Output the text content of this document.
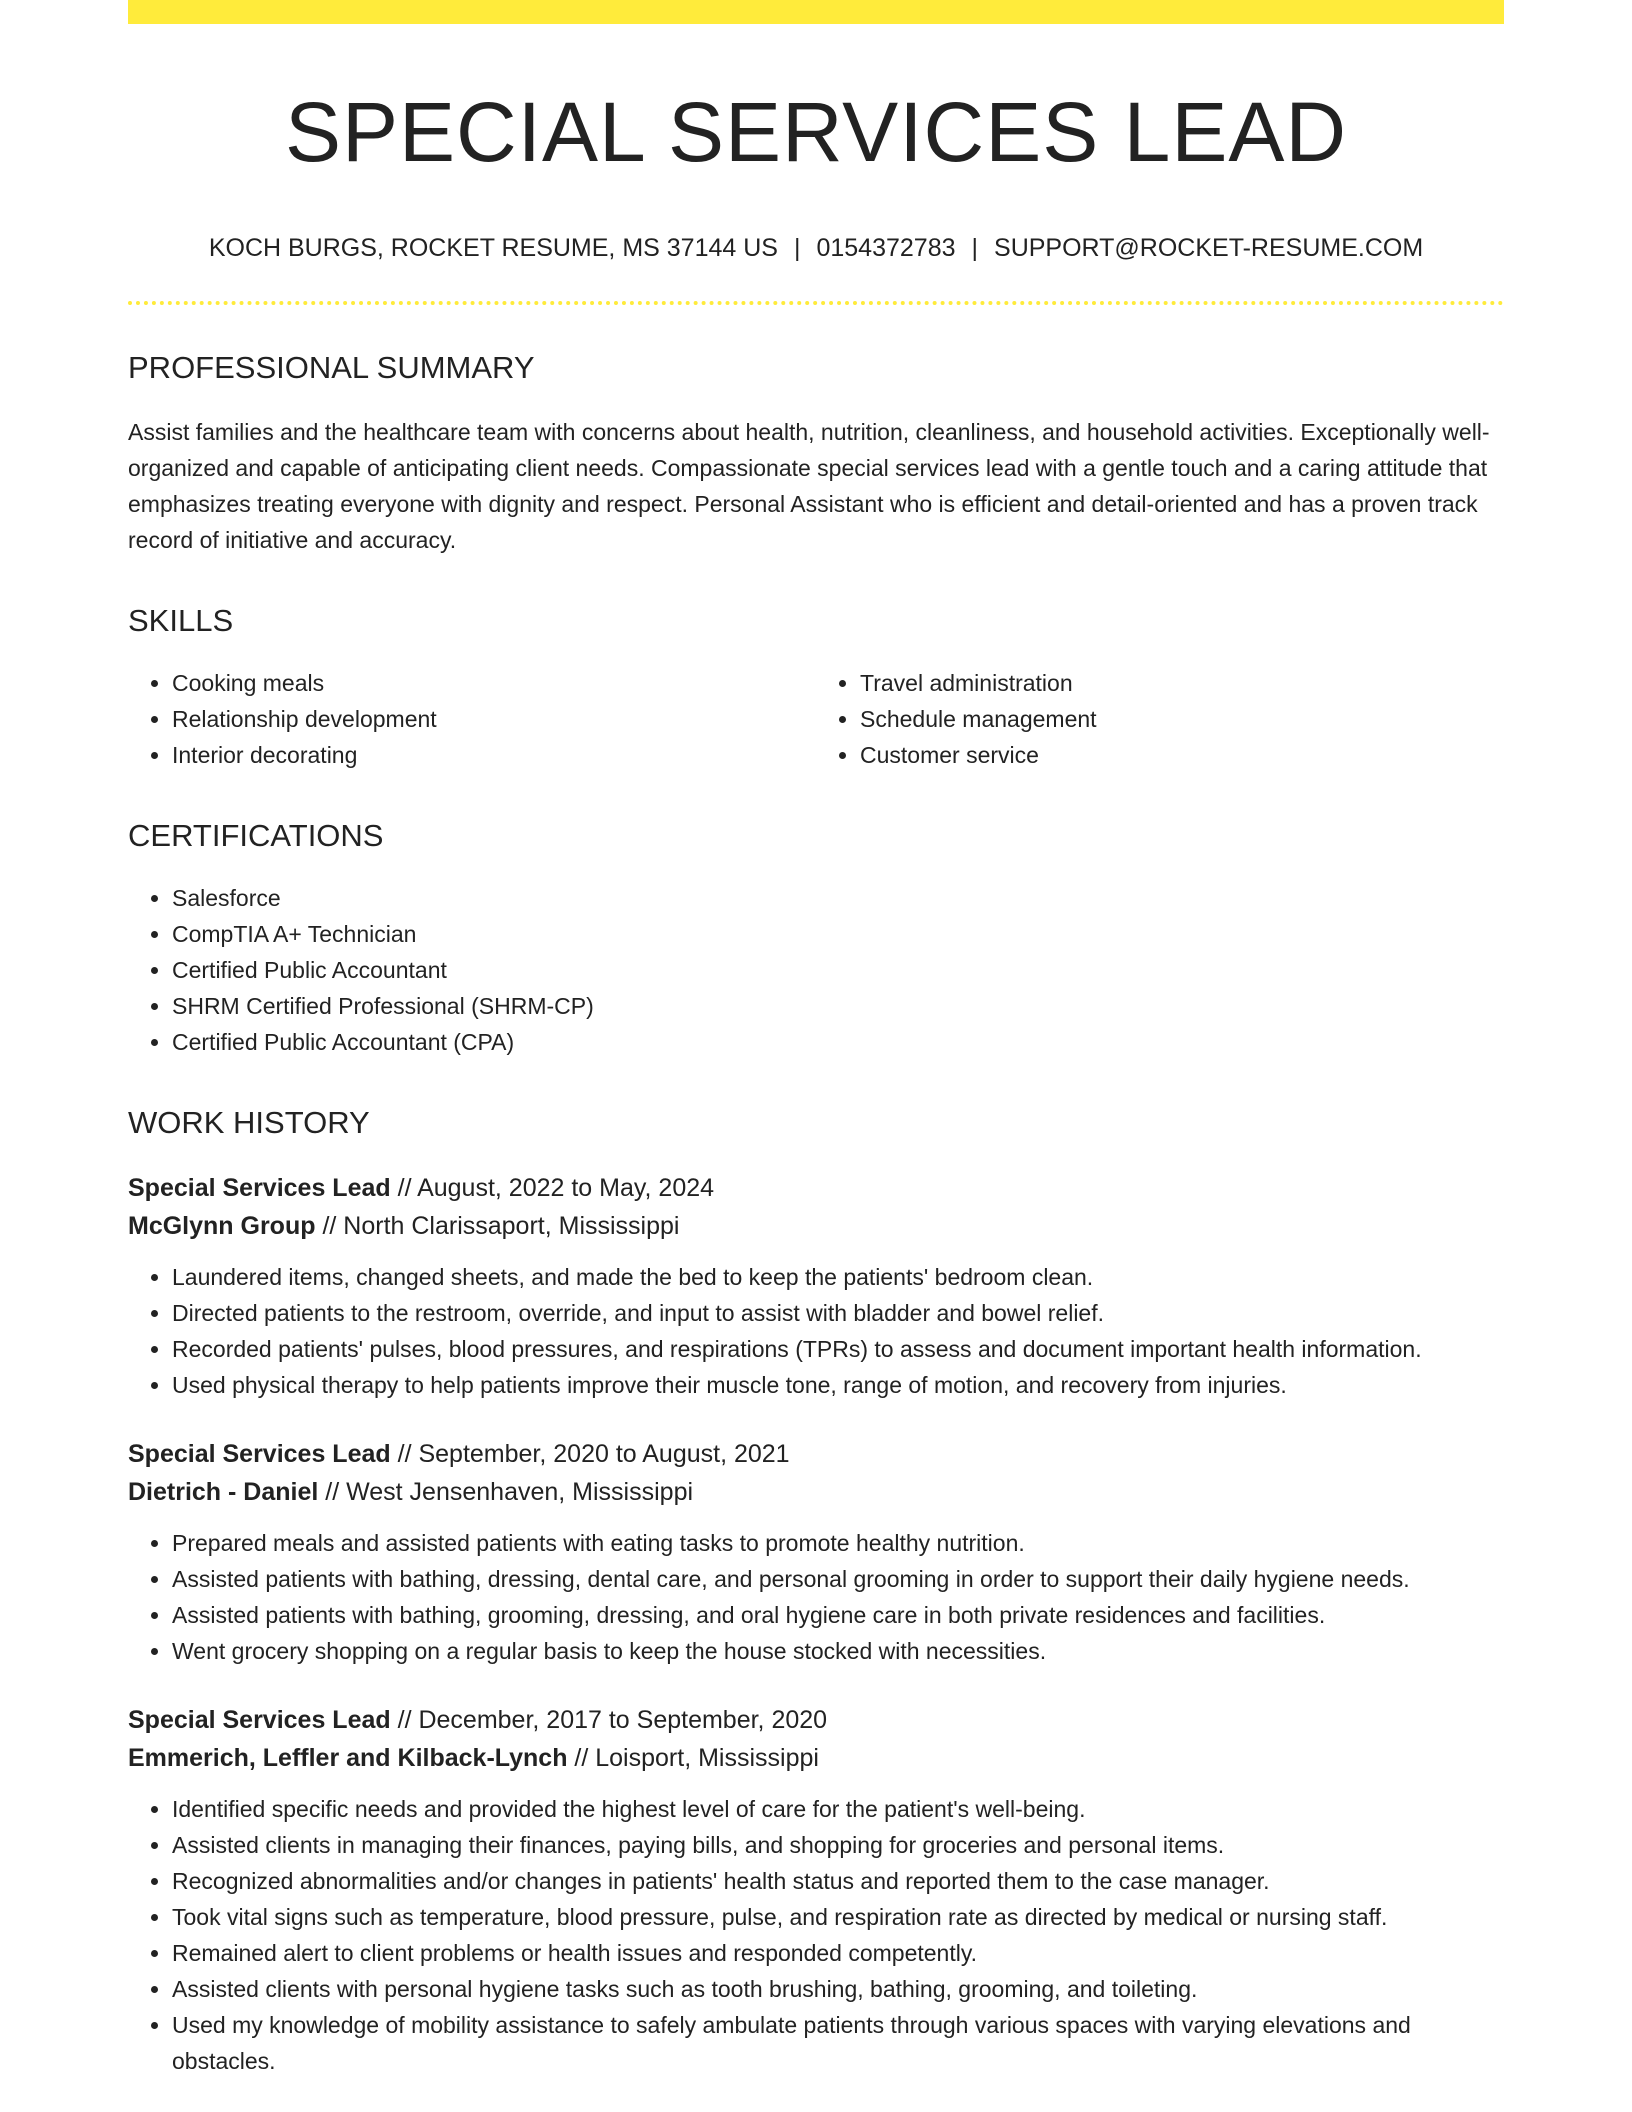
SPECIAL SERVICES LEAD
KOCH BURGS, ROCKET RESUME, MS 37144 US | 0154372783 | SUPPORT@ROCKET-RESUME.COM
PROFESSIONAL SUMMARY
Assist families and the healthcare team with concerns about health, nutrition, cleanliness, and household activities. Exceptionally well-organized and capable of anticipating client needs. Compassionate special services lead with a gentle touch and a caring attitude that emphasizes treating everyone with dignity and respect. Personal Assistant who is efficient and detail-oriented and has a proven track record of initiative and accuracy.
SKILLS
• Cooking meals
• Relationship development
• Interior decorating
• Travel administration
• Schedule management
• Customer service
CERTIFICATIONS
• Salesforce
• CompTIA A+ Technician
• Certified Public Accountant
• SHRM Certified Professional (SHRM-CP)
• Certified Public Accountant (CPA)
WORK HISTORY
Special Services Lead // August, 2022 to May, 2024
McGlynn Group // North Clarissaport, Mississippi
• Laundered items, changed sheets, and made the bed to keep the patients' bedroom clean.
• Directed patients to the restroom, override, and input to assist with bladder and bowel relief.
• Recorded patients' pulses, blood pressures, and respirations (TPRs) to assess and document important health information.
• Used physical therapy to help patients improve their muscle tone, range of motion, and recovery from injuries.
Special Services Lead // September, 2020 to August, 2021
Dietrich - Daniel // West Jensenhaven, Mississippi
• Prepared meals and assisted patients with eating tasks to promote healthy nutrition.
• Assisted patients with bathing, dressing, dental care, and personal grooming in order to support their daily hygiene needs.
• Assisted patients with bathing, grooming, dressing, and oral hygiene care in both private residences and facilities.
• Went grocery shopping on a regular basis to keep the house stocked with necessities.
Special Services Lead // December, 2017 to September, 2020
Emmerich, Leffler and Kilback-Lynch // Loisport, Mississippi
• Identified specific needs and provided the highest level of care for the patient's well-being.
• Assisted clients in managing their finances, paying bills, and shopping for groceries and personal items.
• Recognized abnormalities and/or changes in patients' health status and reported them to the case manager.
• Took vital signs such as temperature, blood pressure, pulse, and respiration rate as directed by medical or nursing staff.
• Remained alert to client problems or health issues and responded competently.
• Assisted clients with personal hygiene tasks such as tooth brushing, bathing, grooming, and toileting.
• Used my knowledge of mobility assistance to safely ambulate patients through various spaces with varying elevations and obstacles.
